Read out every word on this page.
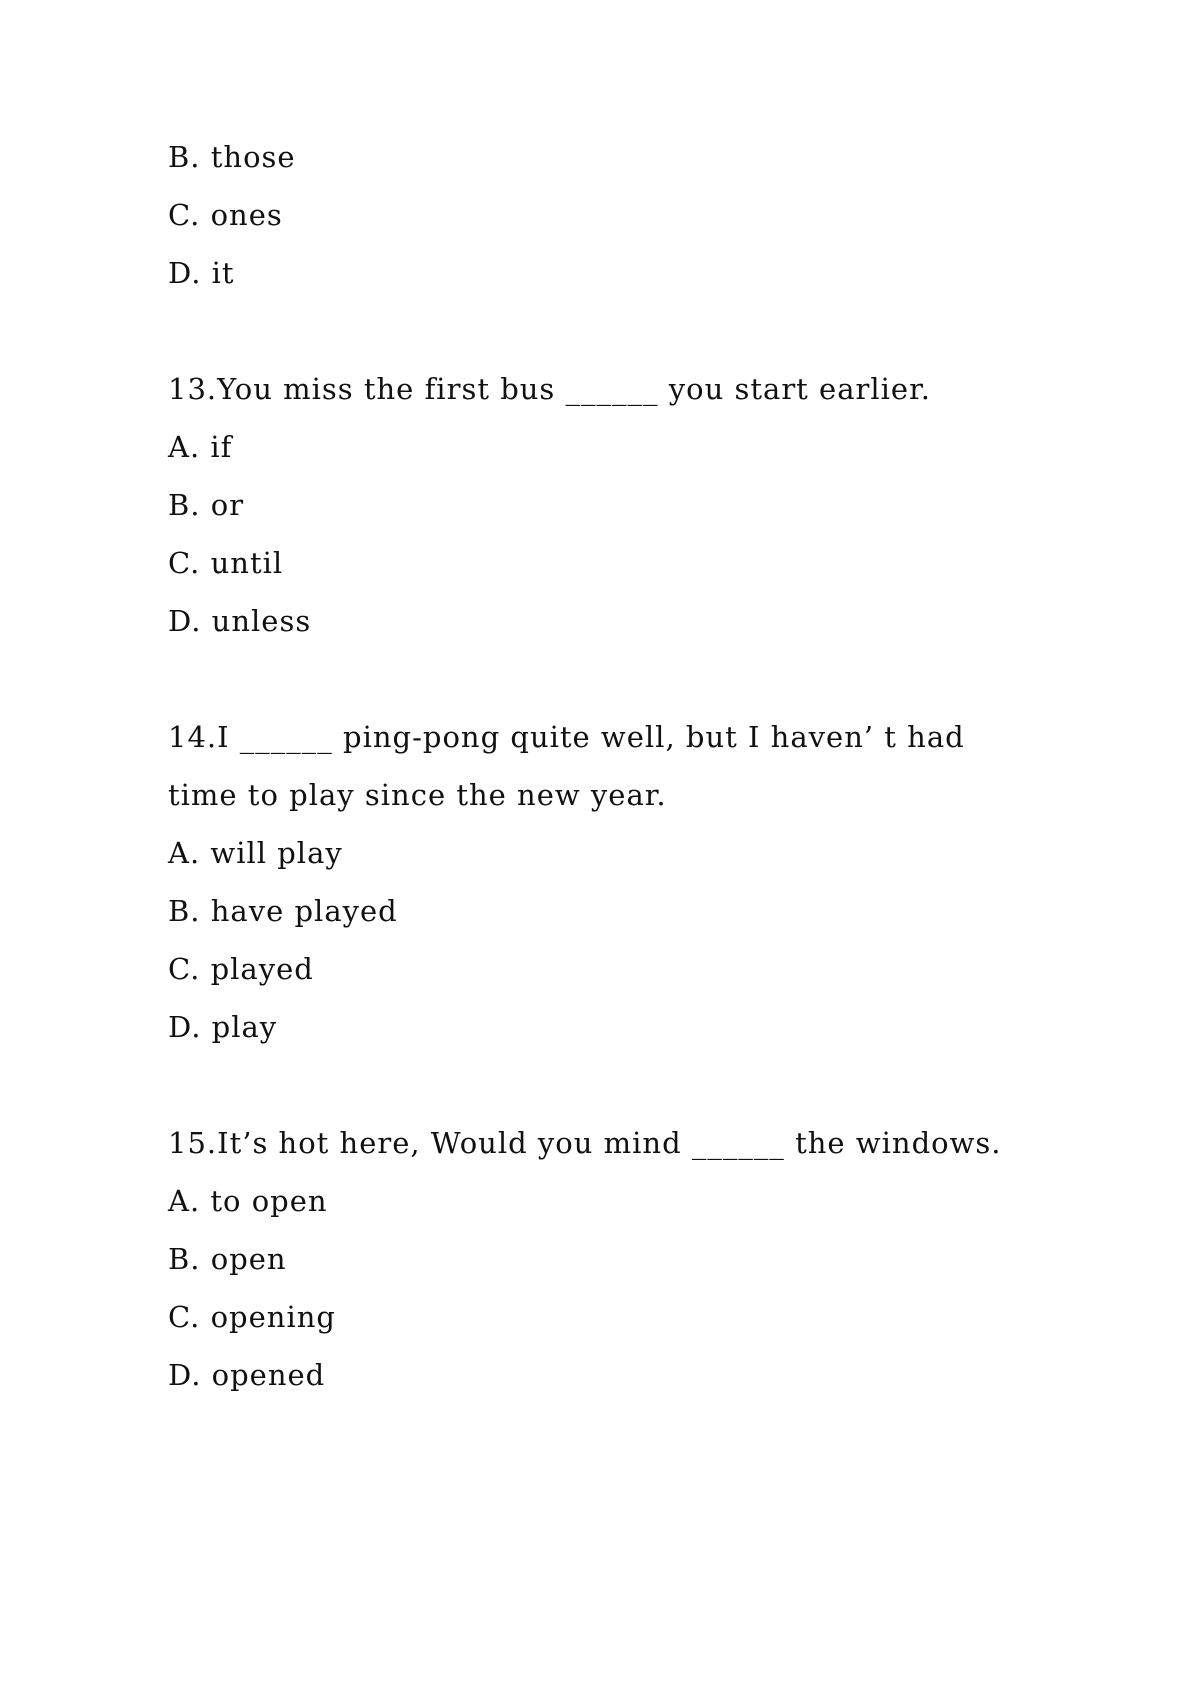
B. those
C. ones
D. it
13.You miss the first bus ______ you start earlier.
A. if
B. or
C. until
D. unless
14.I ______ ping-pong quite well, but I haven’ t had
time to play since the new year.
A. will play
B. have played
C. played
D. play
15.It’s hot here, Would you mind ______ the windows.
A. to open
B. open
C. opening
D. opened
